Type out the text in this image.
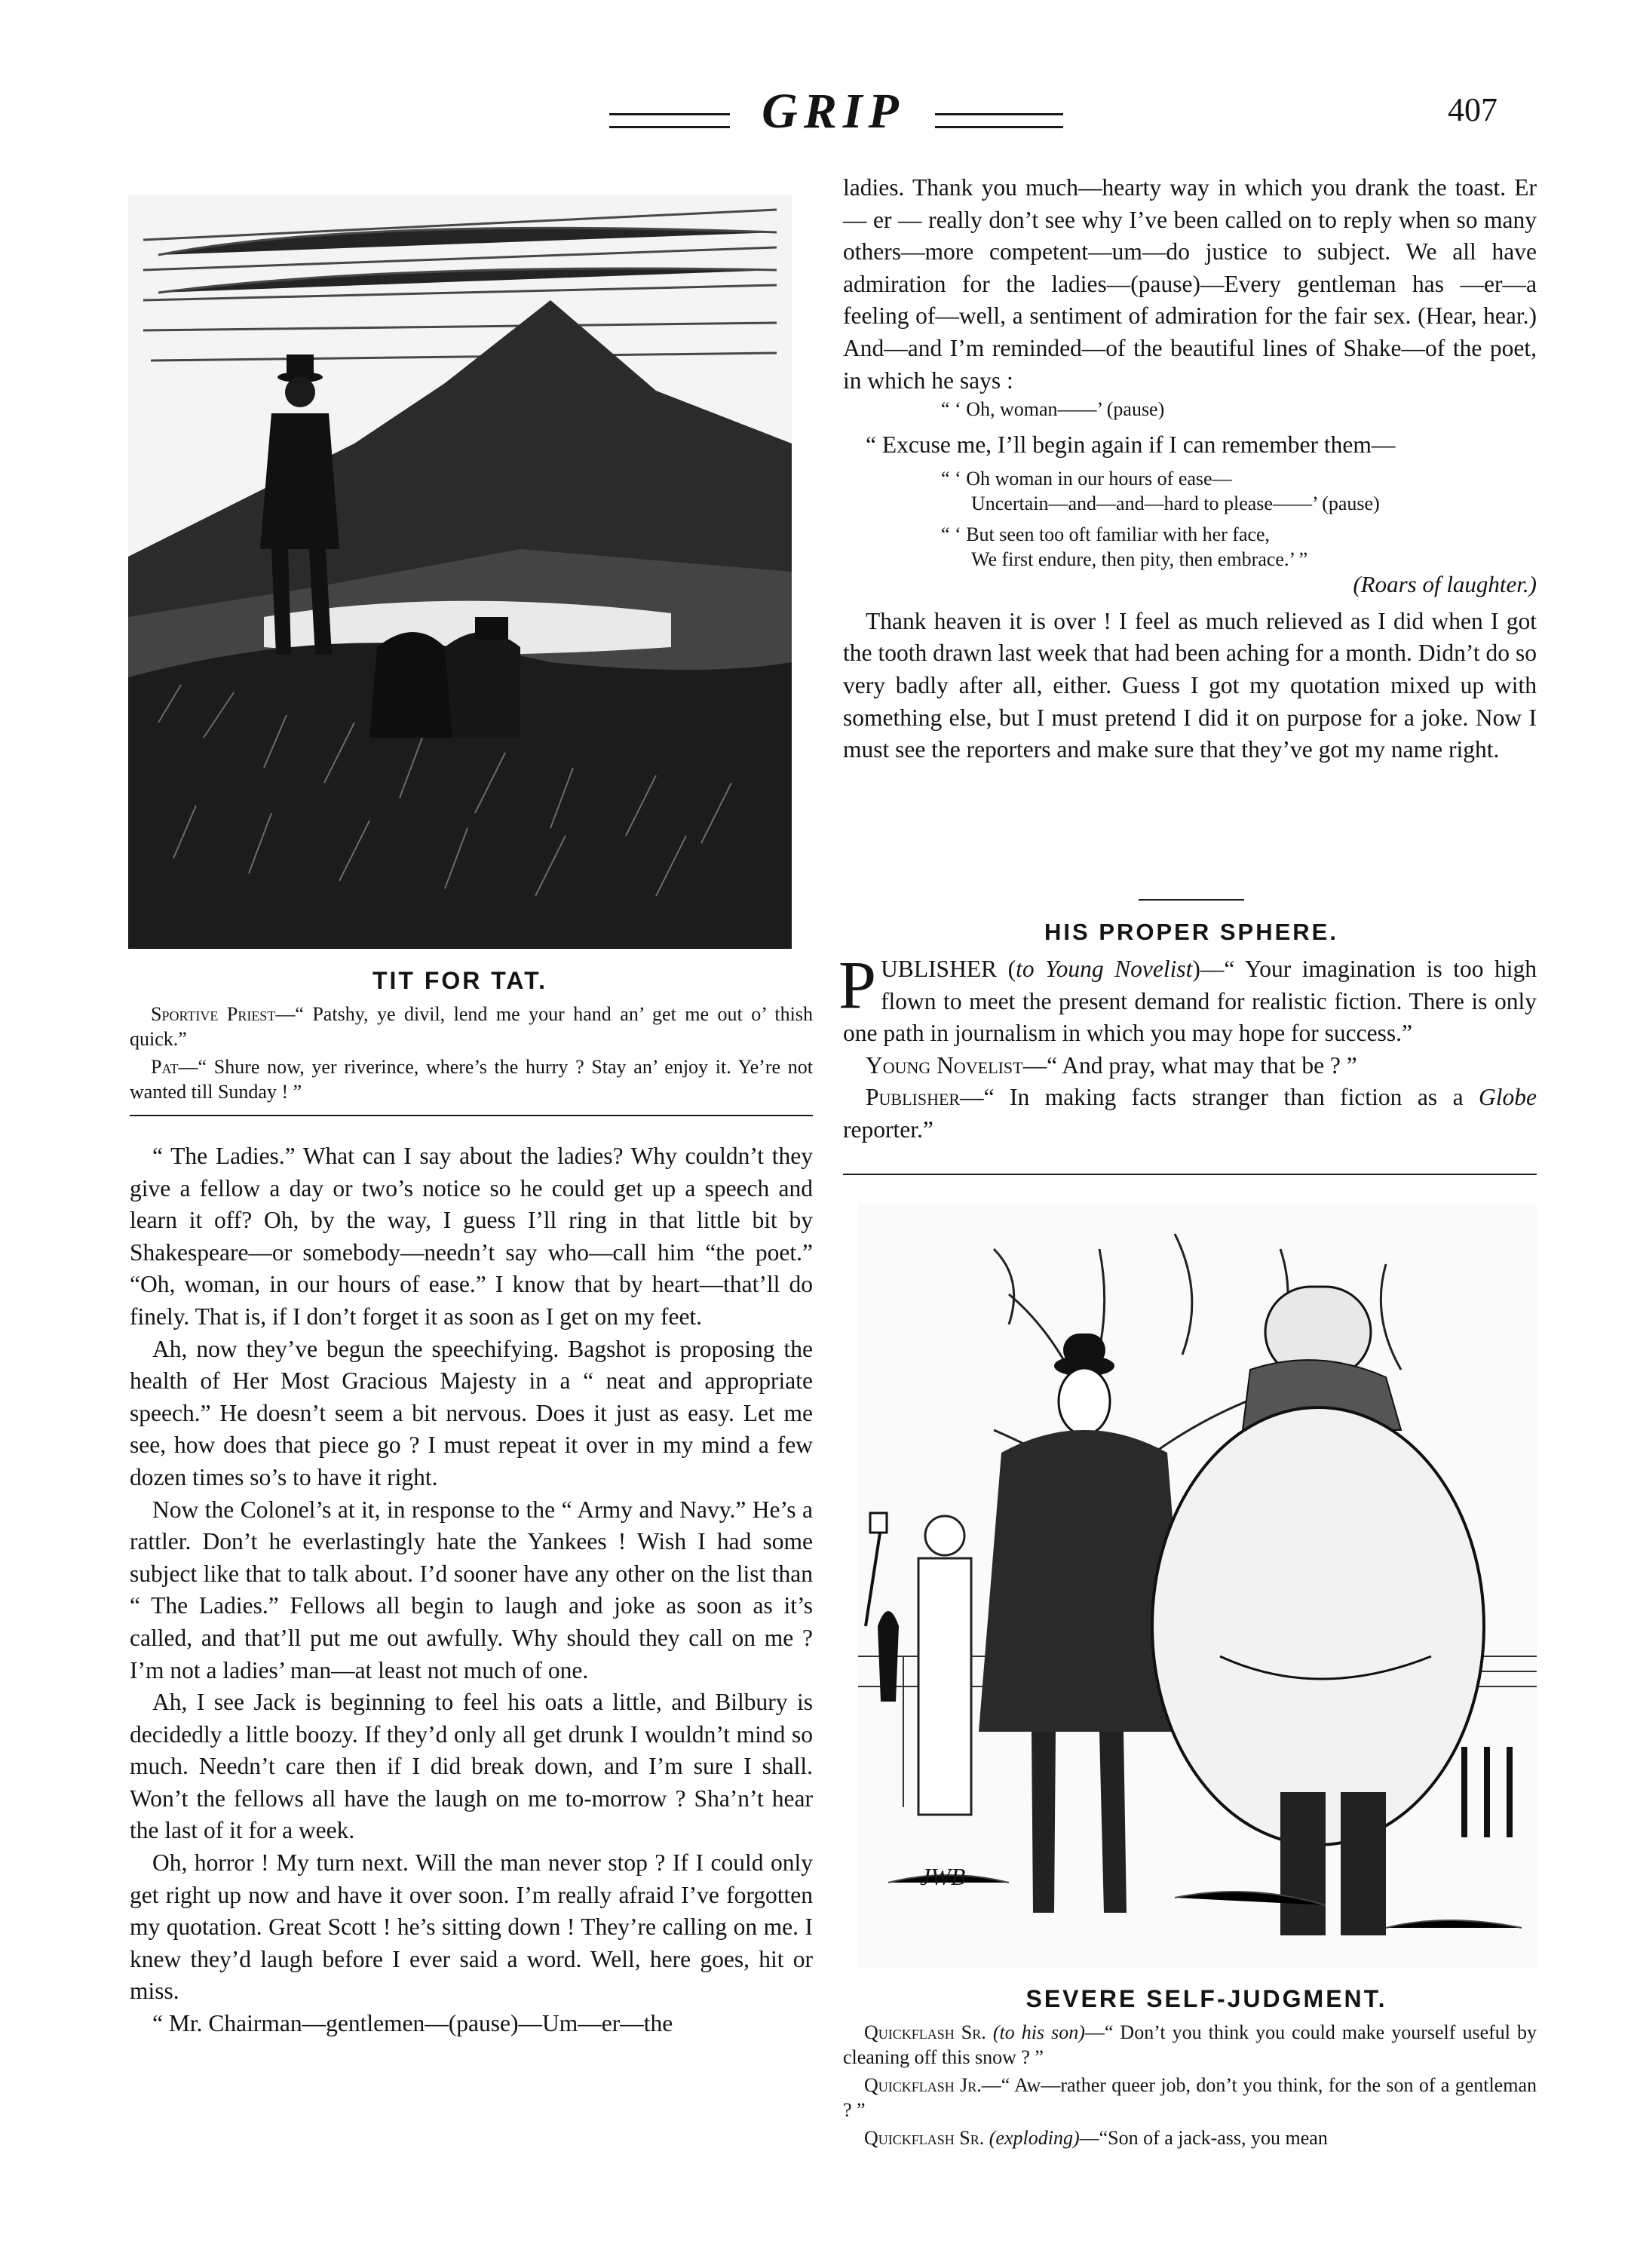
GRIP	407
TIT FOR TAT.

Sportive Priest—“ Patshy, ye divil, lend me your hand an’ get me out o’ thish quick.”

Pat—“ Shure now, yer riverince, where’s the hurry ? Stay an’ enjoy it. Ye’re not wanted till Sunday ! ”

“ The Ladies.” What can I say about the ladies? Why couldn’t they give a fellow a day or two’s notice so he could get up a speech and learn it off? Oh, by the way, I guess I’ll ring in that little bit by Shakespeare—or somebody—needn’t say who—call him “the poet.” “Oh, woman, in our hours of ease.” I know that by heart—that’ll do finely. That is, if I don’t forget it as soon as I get on my feet.

Ah, now they’ve begun the speechifying. Bagshot is proposing the health of Her Most Gracious Majesty in a “ neat and appropriate speech.” He doesn’t seem a bit nervous. Does it just as easy. Let me see, how does that piece go ? I must repeat it over in my mind a few dozen times so’s to have it right.

Now the Colonel’s at it, in response to the “ Army and Navy.” He’s a rattler. Don’t he everlastingly hate the Yankees ! Wish I had some subject like that to talk about. I’d sooner have any other on the list than “ The Ladies.” Fellows all begin to laugh and joke as soon as it’s called, and that’ll put me out awfully. Why should they call on me ? I’m not a ladies’ man—at least not much of one.

Ah, I see Jack is beginning to feel his oats a little, and Bilbury is decidedly a little boozy. If they’d only all get drunk I wouldn’t mind so much. Needn’t care then if I did break down, and I’m sure I shall. Won’t the fellows all have the laugh on me to-morrow ? Sha’n’t hear the last of it for a week.

Oh, horror ! My turn next. Will the man never stop ? If I could only get right up now and have it over soon. I’m really afraid I’ve forgotten my quotation. Great Scott ! he’s sitting down ! They’re calling on me. I knew they’d laugh before I ever said a word. Well, here goes, hit or miss.

“ Mr. Chairman—gentlemen—(pause)—Um—er—the

ladies. Thank you much—hearty way in which you drank the toast. Er — er — really don’t see why I’ve been called on to reply when so many others—more competent—um—do justice to subject. We all have admiration for the ladies—(pause)—Every gentleman has —er—a feeling of—well, a sentiment of admiration for the fair sex. (Hear, hear.) And—and I’m reminded—of the beautiful lines of Shake—of the poet, in which he says :

“ ‘ Oh, woman——’ (pause)

“ Excuse me, I’ll begin again if I can remember them—

“ ‘ Oh woman in our hours of ease—
Uncertain—and—and—hard to please——’ (pause)
“ ‘ But seen too oft familiar with her face,
We first endure, then pity, then embrace.’ ”
(Roars of laughter.)

Thank heaven it is over ! I feel as much relieved as I did when I got the tooth drawn last week that had been aching for a month. Didn’t do so very badly after all, either. Guess I got my quotation mixed up with something else, but I must pretend I did it on purpose for a joke. Now I must see the reporters and make sure that they’ve got my name right.

HIS PROPER SPHERE.

PUBLISHER (to Young Novelist)—“ Your imagination is too high flown to meet the present demand for realistic fiction. There is only one path in journalism in which you may hope for success.”

Young Novelist—“ And pray, what may that be ? ”

Publisher—“ In making facts stranger than fiction as a Globe reporter.”

JWB
SEVERE SELF-JUDGMENT.

Quickflash Sr. (to his son)—“ Don’t you think you could make yourself useful by cleaning off this snow ? ”

Quickflash Jr.—“ Aw—rather queer job, don’t you think, for the son of a gentleman ? ”

Quickflash Sr. (exploding)—“Son of a jack-ass, you mean
